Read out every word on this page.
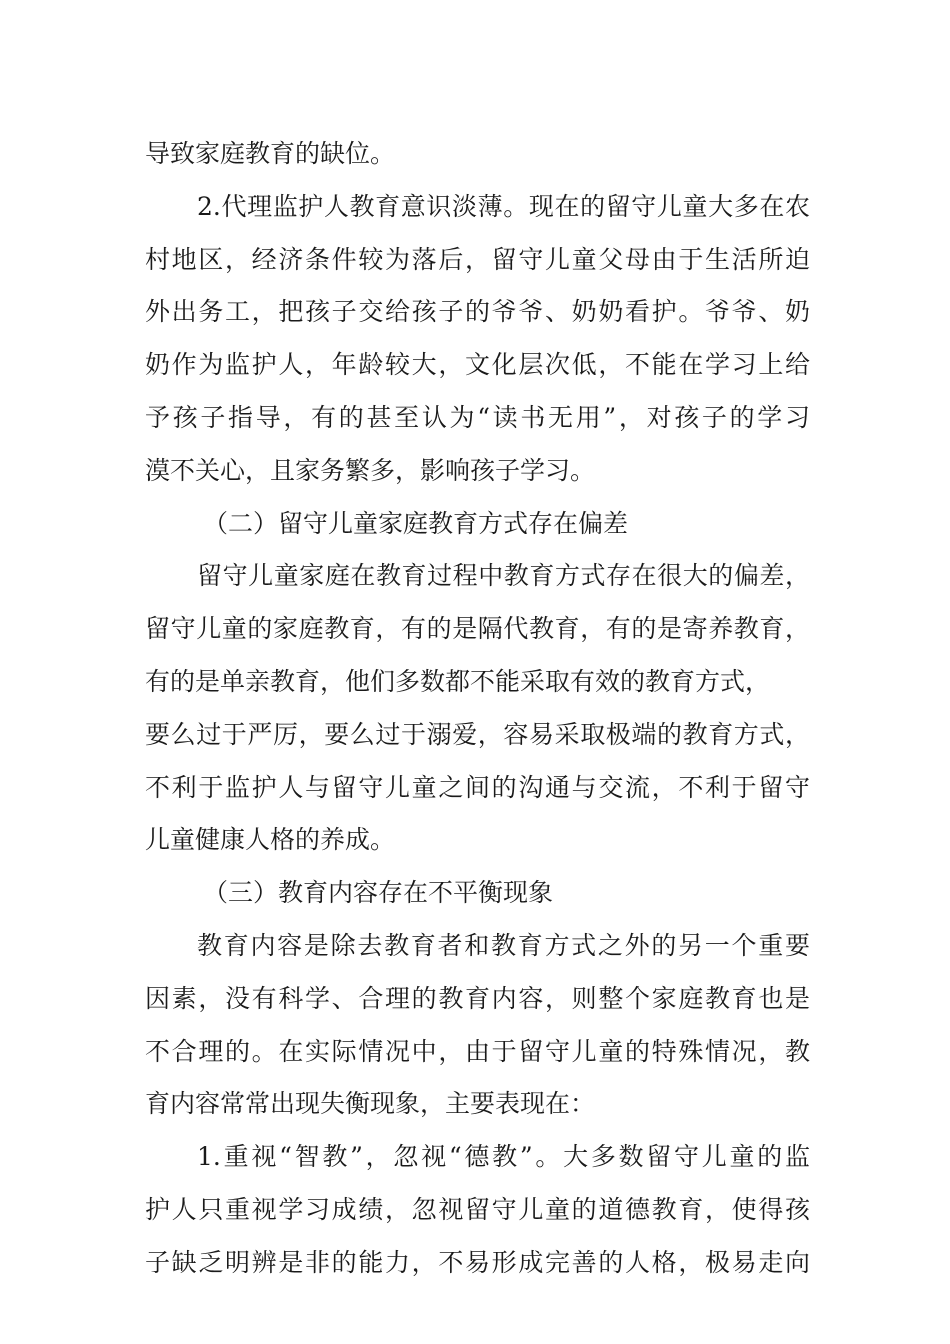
导致家庭教育的缺位。
2.代理监护人教育意识淡薄。现在的留守儿童大多在农
村地区，经济条件较为落后，留守儿童父母由于生活所迫
外出务工，把孩子交给孩子的爷爷、奶奶看护。爷爷、奶
奶作为监护人，年龄较大，文化层次低，不能在学习上给
予孩子指导，有的甚至认为“读书无用”，对孩子的学习
漠不关心，且家务繁多，影响孩子学习。
（二）留守儿童家庭教育方式存在偏差
留守儿童家庭在教育过程中教育方式存在很大的偏差，
留守儿童的家庭教育，有的是隔代教育，有的是寄养教育，
有的是单亲教育，他们多数都不能采取有效的教育方式，
要么过于严厉，要么过于溺爱，容易采取极端的教育方式，
不利于监护人与留守儿童之间的沟通与交流，不利于留守
儿童健康人格的养成。
（三）教育内容存在不平衡现象
教育内容是除去教育者和教育方式之外的另一个重要
因素，没有科学、合理的教育内容，则整个家庭教育也是
不合理的。在实际情况中，由于留守儿童的特殊情况，教
育内容常常出现失衡现象，主要表现在：
1.重视“智教”，忽视“德教”。大多数留守儿童的监
护人只重视学习成绩，忽视留守儿童的道德教育，使得孩
子缺乏明辨是非的能力，不易形成完善的人格，极易走向
